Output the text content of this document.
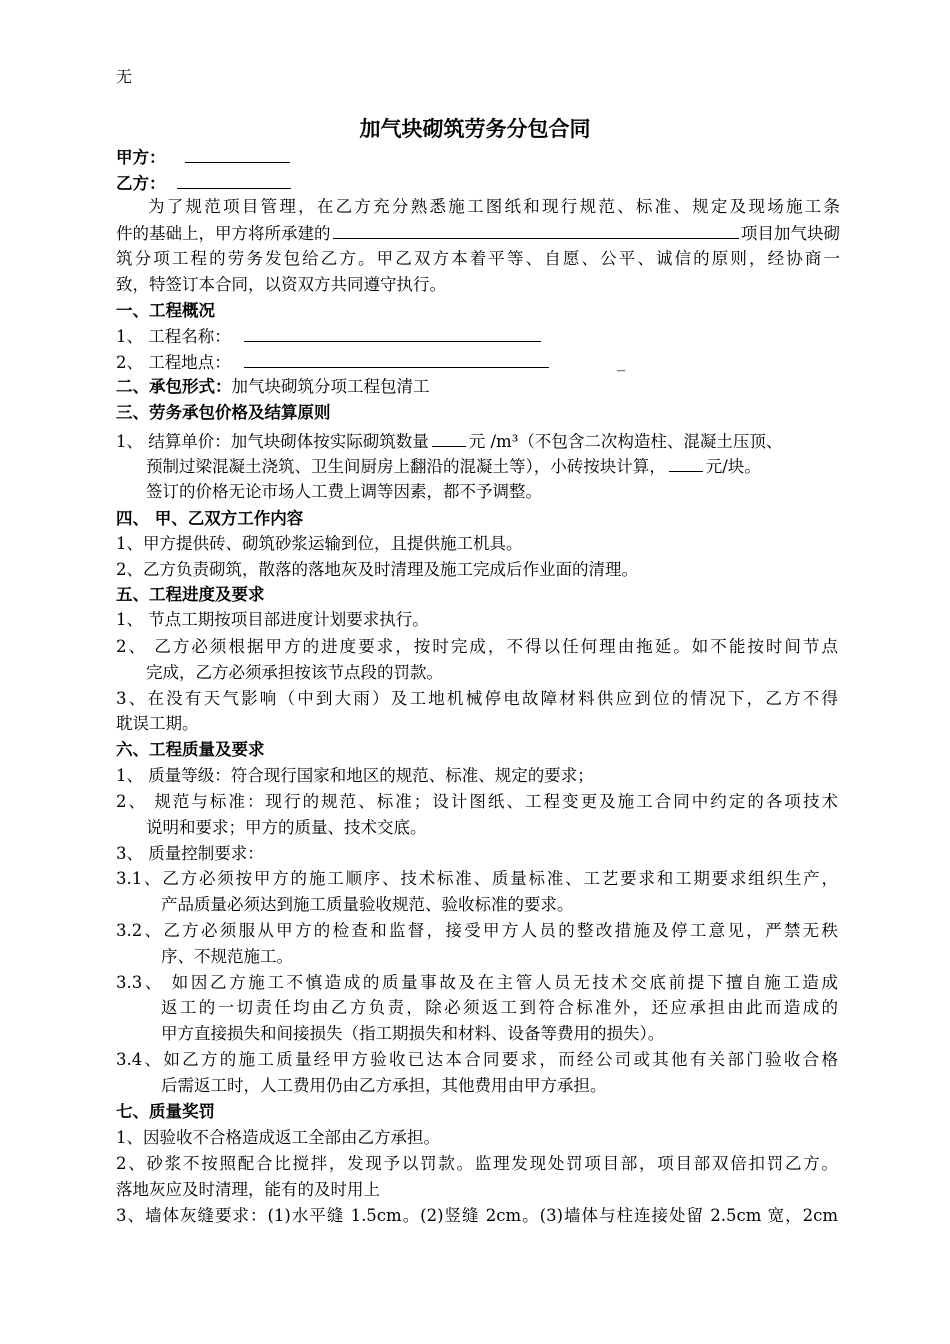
无
加气块砌筑劳务分包合同
甲方：
乙方：
为了规范项目管理，在乙方充分熟悉施工图纸和现行规范、标准、规定及现场施工条
件的基础上，甲方将所承建的	项目加气块砌
筑分项工程的劳务发包给乙方。甲乙双方本着平等、自愿、公平、诚信的原则，经协商一
致，特签订本合同，以资双方共同遵守执行。
一、工程概况
1、 工程名称：
2、 工程地点：	_
二、承包形式：加气块砌筑分项工程包清工
三、劳务承包价格及结算原则
1、 结算单价：加气块砌体按实际砌筑数量 元 /m³（不包含二次构造柱、混凝土压顶、
预制过梁混凝土浇筑、卫生间厨房上翻沿的混凝土等），小砖按块计算， 元/块。
签订的价格无论市场人工费上调等因素，都不予调整。
四、 甲、乙双方工作内容
1、甲方提供砖、砌筑砂浆运输到位，且提供施工机具。
2、乙方负责砌筑，散落的落地灰及时清理及施工完成后作业面的清理。
五、工程进度及要求
1、 节点工期按项目部进度计划要求执行。
2、 乙方必须根据甲方的进度要求，按时完成，不得以任何理由拖延。如不能按时间节点
完成，乙方必须承担按该节点段的罚款。
3、在没有天气影响（中到大雨）及工地机械停电故障材料供应到位的情况下，乙方不得
耽误工期。
六、工程质量及要求
1、 质量等级：符合现行国家和地区的规范、标准、规定的要求；
2、 规范与标准：现行的规范、标准；设计图纸、工程变更及施工合同中约定的各项技术
说明和要求；甲方的质量、技术交底。
3、 质量控制要求：
3.1、乙方必须按甲方的施工顺序、技术标准、质量标准、工艺要求和工期要求组织生产，
产品质量必须达到施工质量验收规范、验收标准的要求。
3.2、乙方必须服从甲方的检查和监督，接受甲方人员的整改措施及停工意见，严禁无秩
序、不规范施工。
3.3、 如因乙方施工不慎造成的质量事故及在主管人员无技术交底前提下擅自施工造成
返工的一切责任均由乙方负责，除必须返工到符合标准外，还应承担由此而造成的
甲方直接损失和间接损失（指工期损失和材料、设备等费用的损失）。
3.4、如乙方的施工质量经甲方验收已达本合同要求，而经公司或其他有关部门验收合格
后需返工时，人工费用仍由乙方承担，其他费用由甲方承担。
七、质量奖罚
1、因验收不合格造成返工全部由乙方承担。
2、砂浆不按照配合比搅拌，发现予以罚款。监理发现处罚项目部，项目部双倍扣罚乙方。
落地灰应及时清理，能有的及时用上
3、墙体灰缝要求：(1)水平缝 1.5cm。(2)竖缝 2cm。(3)墙体与柱连接处留 2.5cm 宽，2cm
